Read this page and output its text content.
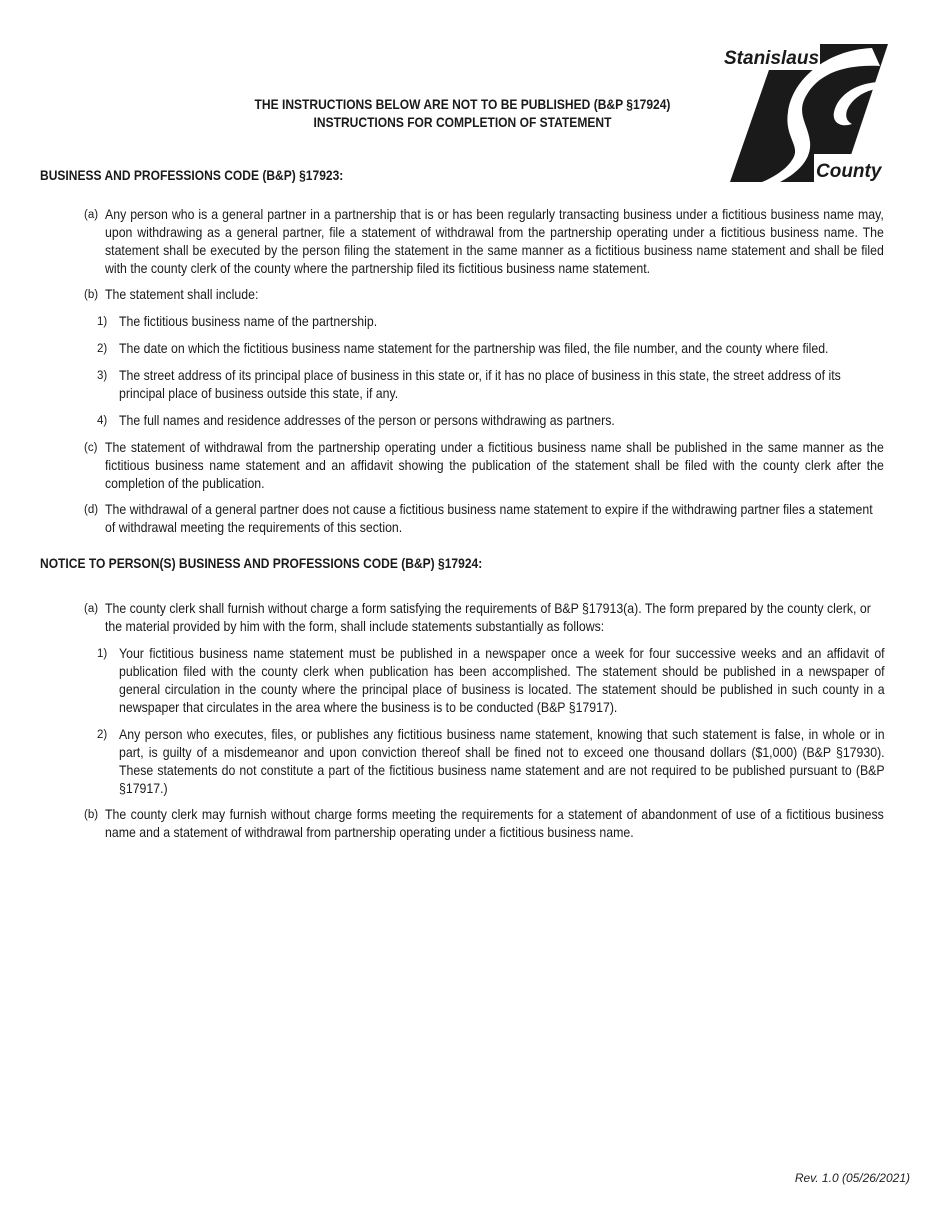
Stanislaus
County
THE INSTRUCTIONS BELOW ARE NOT TO BE PUBLISHED (B&P §17924)
INSTRUCTIONS FOR COMPLETION OF STATEMENT
BUSINESS AND PROFESSIONS CODE (B&P) §17923:
(a) Any person who is a general partner in a partnership that is or has been regularly transacting business under a fictitious business name may, upon withdrawing as a general partner, file a statement of withdrawal from the partnership operating under a fictitious business name. The statement shall be executed by the person filing the statement in the same manner as a fictitious business name statement and shall be filed with the county clerk of the county where the partnership filed its fictitious business name statement.
(b) The statement shall include:
1) The fictitious business name of the partnership.
2) The date on which the fictitious business name statement for the partnership was filed, the file number, and the county where filed.
3) The street address of its principal place of business in this state or, if it has no place of business in this state, the street address of its principal place of business outside this state, if any.
4) The full names and residence addresses of the person or persons withdrawing as partners.
(c) The statement of withdrawal from the partnership operating under a fictitious business name shall be published in the same manner as the fictitious business name statement and an affidavit showing the publication of the statement shall be filed with the county clerk after the completion of the publication.
(d) The withdrawal of a general partner does not cause a fictitious business name statement to expire if the withdrawing partner files a statement of withdrawal meeting the requirements of this section.
NOTICE TO PERSON(S) BUSINESS AND PROFESSIONS CODE (B&P) §17924:
(a) The county clerk shall furnish without charge a form satisfying the requirements of B&P §17913(a). The form prepared by the county clerk, or the material provided by him with the form, shall include statements substantially as follows:
1) Your fictitious business name statement must be published in a newspaper once a week for four successive weeks and an affidavit of publication filed with the county clerk when publication has been accomplished. The statement should be published in a newspaper of general circulation in the county where the principal place of business is located. The statement should be published in such county in a newspaper that circulates in the area where the business is to be conducted (B&P §17917).
2) Any person who executes, files, or publishes any fictitious business name statement, knowing that such statement is false, in whole or in part, is guilty of a misdemeanor and upon conviction thereof shall be fined not to exceed one thousand dollars ($1,000) (B&P §17930). These statements do not constitute a part of the fictitious business name statement and are not required to be published pursuant to (B&P §17917.)
(b) The county clerk may furnish without charge forms meeting the requirements for a statement of abandonment of use of a fictitious business name and a statement of withdrawal from partnership operating under a fictitious business name.
Rev. 1.0 (05/26/2021)
